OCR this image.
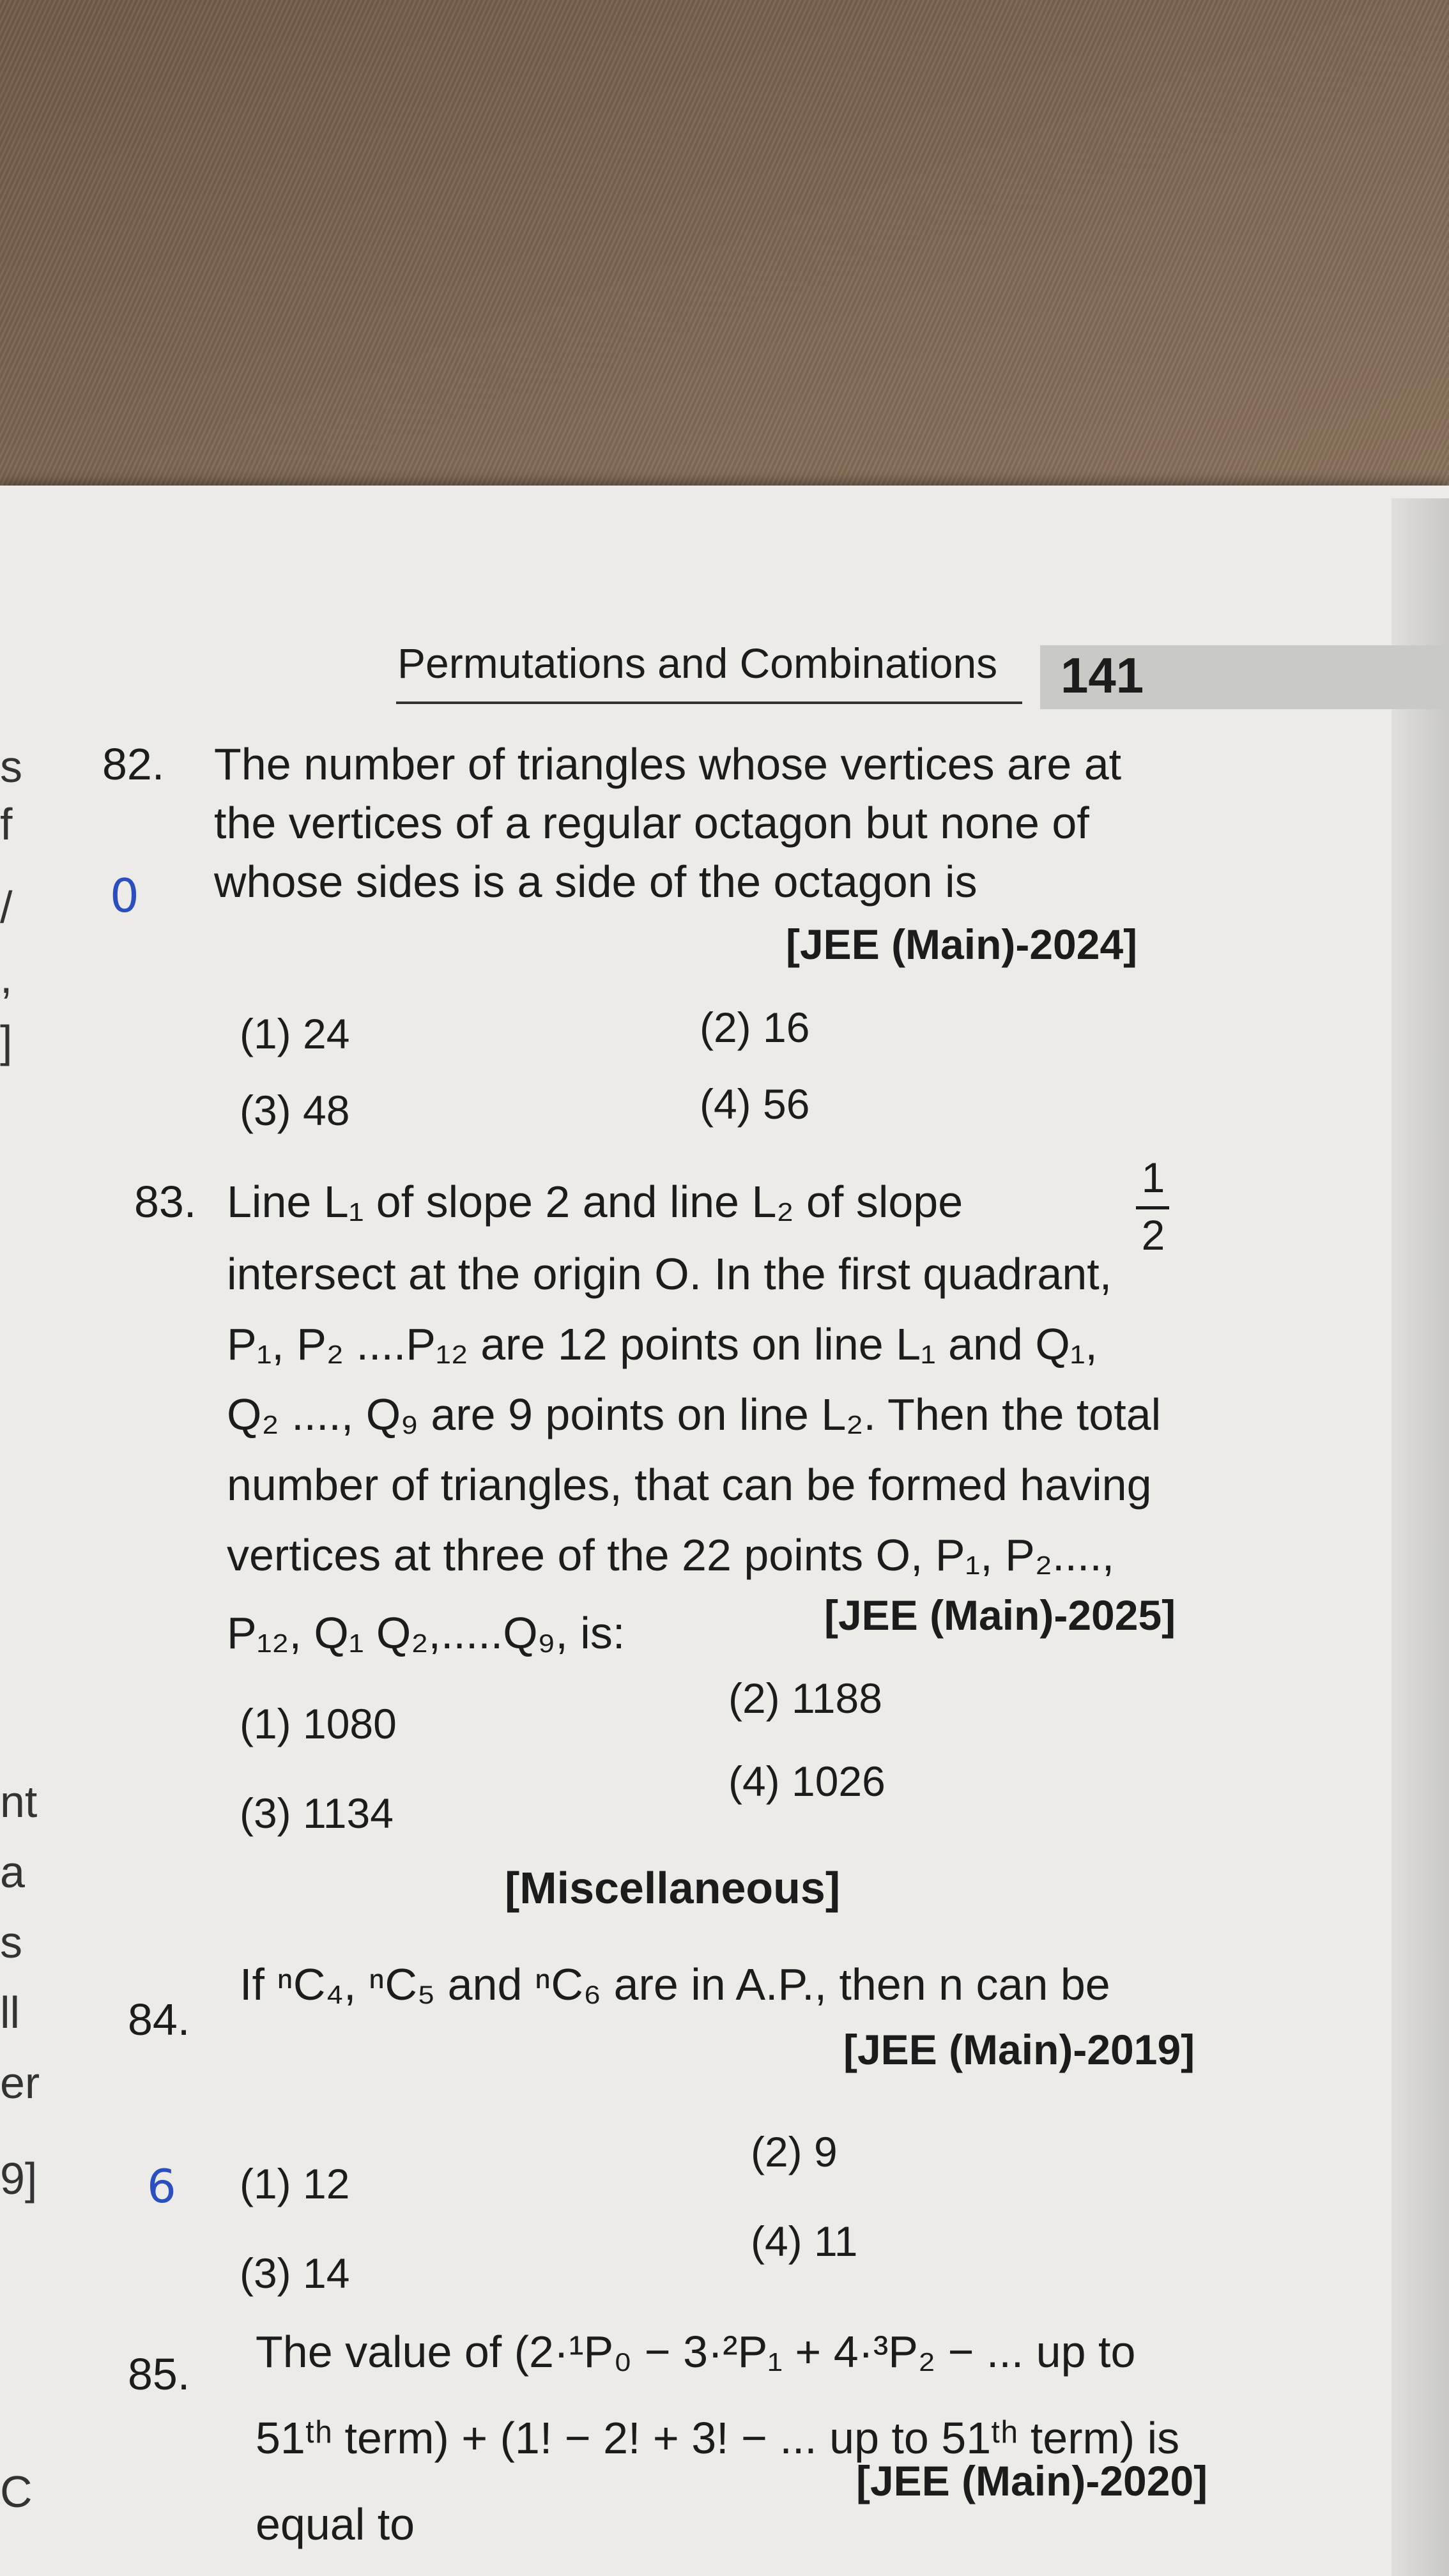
Permutations and Combinations 141
s
f
/
,
]
nt
a
s
ll
er
9]
C
82. The number of triangles whose vertices are at
the vertices of a regular octagon but none of
whose sides is a side of the octagon is
0
[JEE (Main)-2024]
(1) 24	(2) 16
(3) 48	(4) 56
83. Line L₁ of slope 2 and line L₂ of slope	1
2
intersect at the origin O. In the first quadrant,
P₁, P₂ ....P₁₂ are 12 points on line L₁ and Q₁,
Q₂ ...., Q₉ are 9 points on line L₂. Then the total
number of triangles, that can be formed having
vertices at three of the 22 points O, P₁, P₂....,
P₁₂, Q₁ Q₂,.....Q₉, is:	[JEE (Main)-2025]
(1) 1080
(2) 1188
(3) 1134
(4) 1026
[Miscellaneous]
84.
If ⁿC₄, ⁿC₅ and ⁿC₆ are in A.P., then n can be
[JEE (Main)-2019]
6 (1) 12
(2) 9
(3) 14
(4) 11
85. The value of (2·¹P₀ − 3·²P₁ + 4·³P₂ − ... up to
51ᵗʰ term) + (1! − 2! + 3! − ... up to 51ᵗʰ term) is
equal to
[JEE (Main)-2020]
